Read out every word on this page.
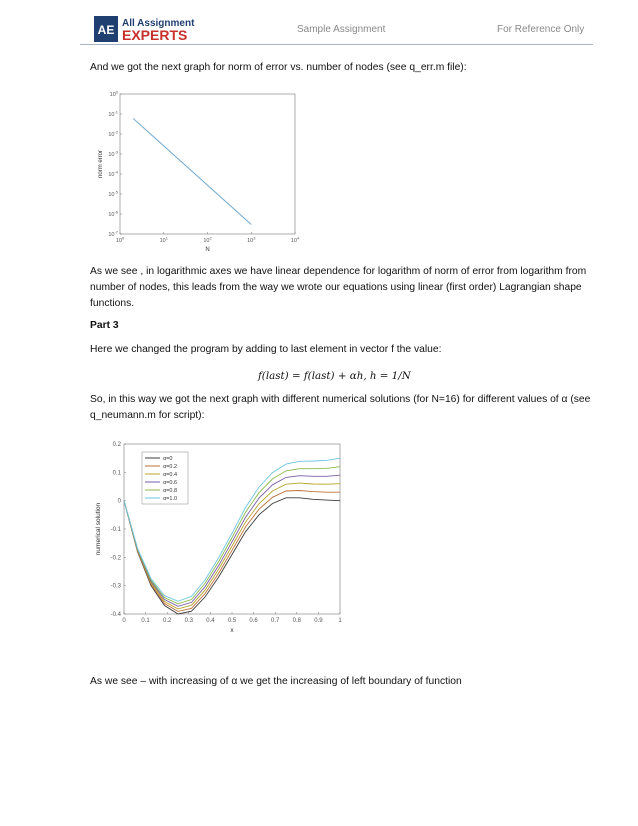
AE All Assignment
EXPERTS	Sample Assignment	For Reference Only

And we got the next graph for norm of error vs. number of nodes (see q_err.m file):

$10^0$	$10^1$	$10^2$	$10^3$	$10^4$
$10^0$
$10^{-1}$
$10^{-2}$
$10^{-3}$
$10^{-4}$
$10^{-5}$
$10^{-6}$
$10^{-7}$
N
norm error

As we see , in logarithmic axes we have linear dependence for logarithm of norm of error from logarithm from number of nodes, this leads from the way we wrote our equations using linear (first order) Lagrangian shape functions.

Part 3

Here we changed the program by adding to last element in vector f the value:

f(last) = f(last) + αh, h = 1/N

So, in this way we got the next graph with different numerical solutions (for N=16) for different values of α (see q_neumann.m for script):

0	0.1 0.2 0.3 0.4 0.5 0.6 0.7 0.8 0.9	1
0.2
0.1
0
-0.1
-0.2
-0.3
-0.4
α=0
α=0.2
α=0.4
α=0.6
α=0.8
α=1.0
x
numerical solution

As we see – with increasing of α we get the increasing of left boundary of function
